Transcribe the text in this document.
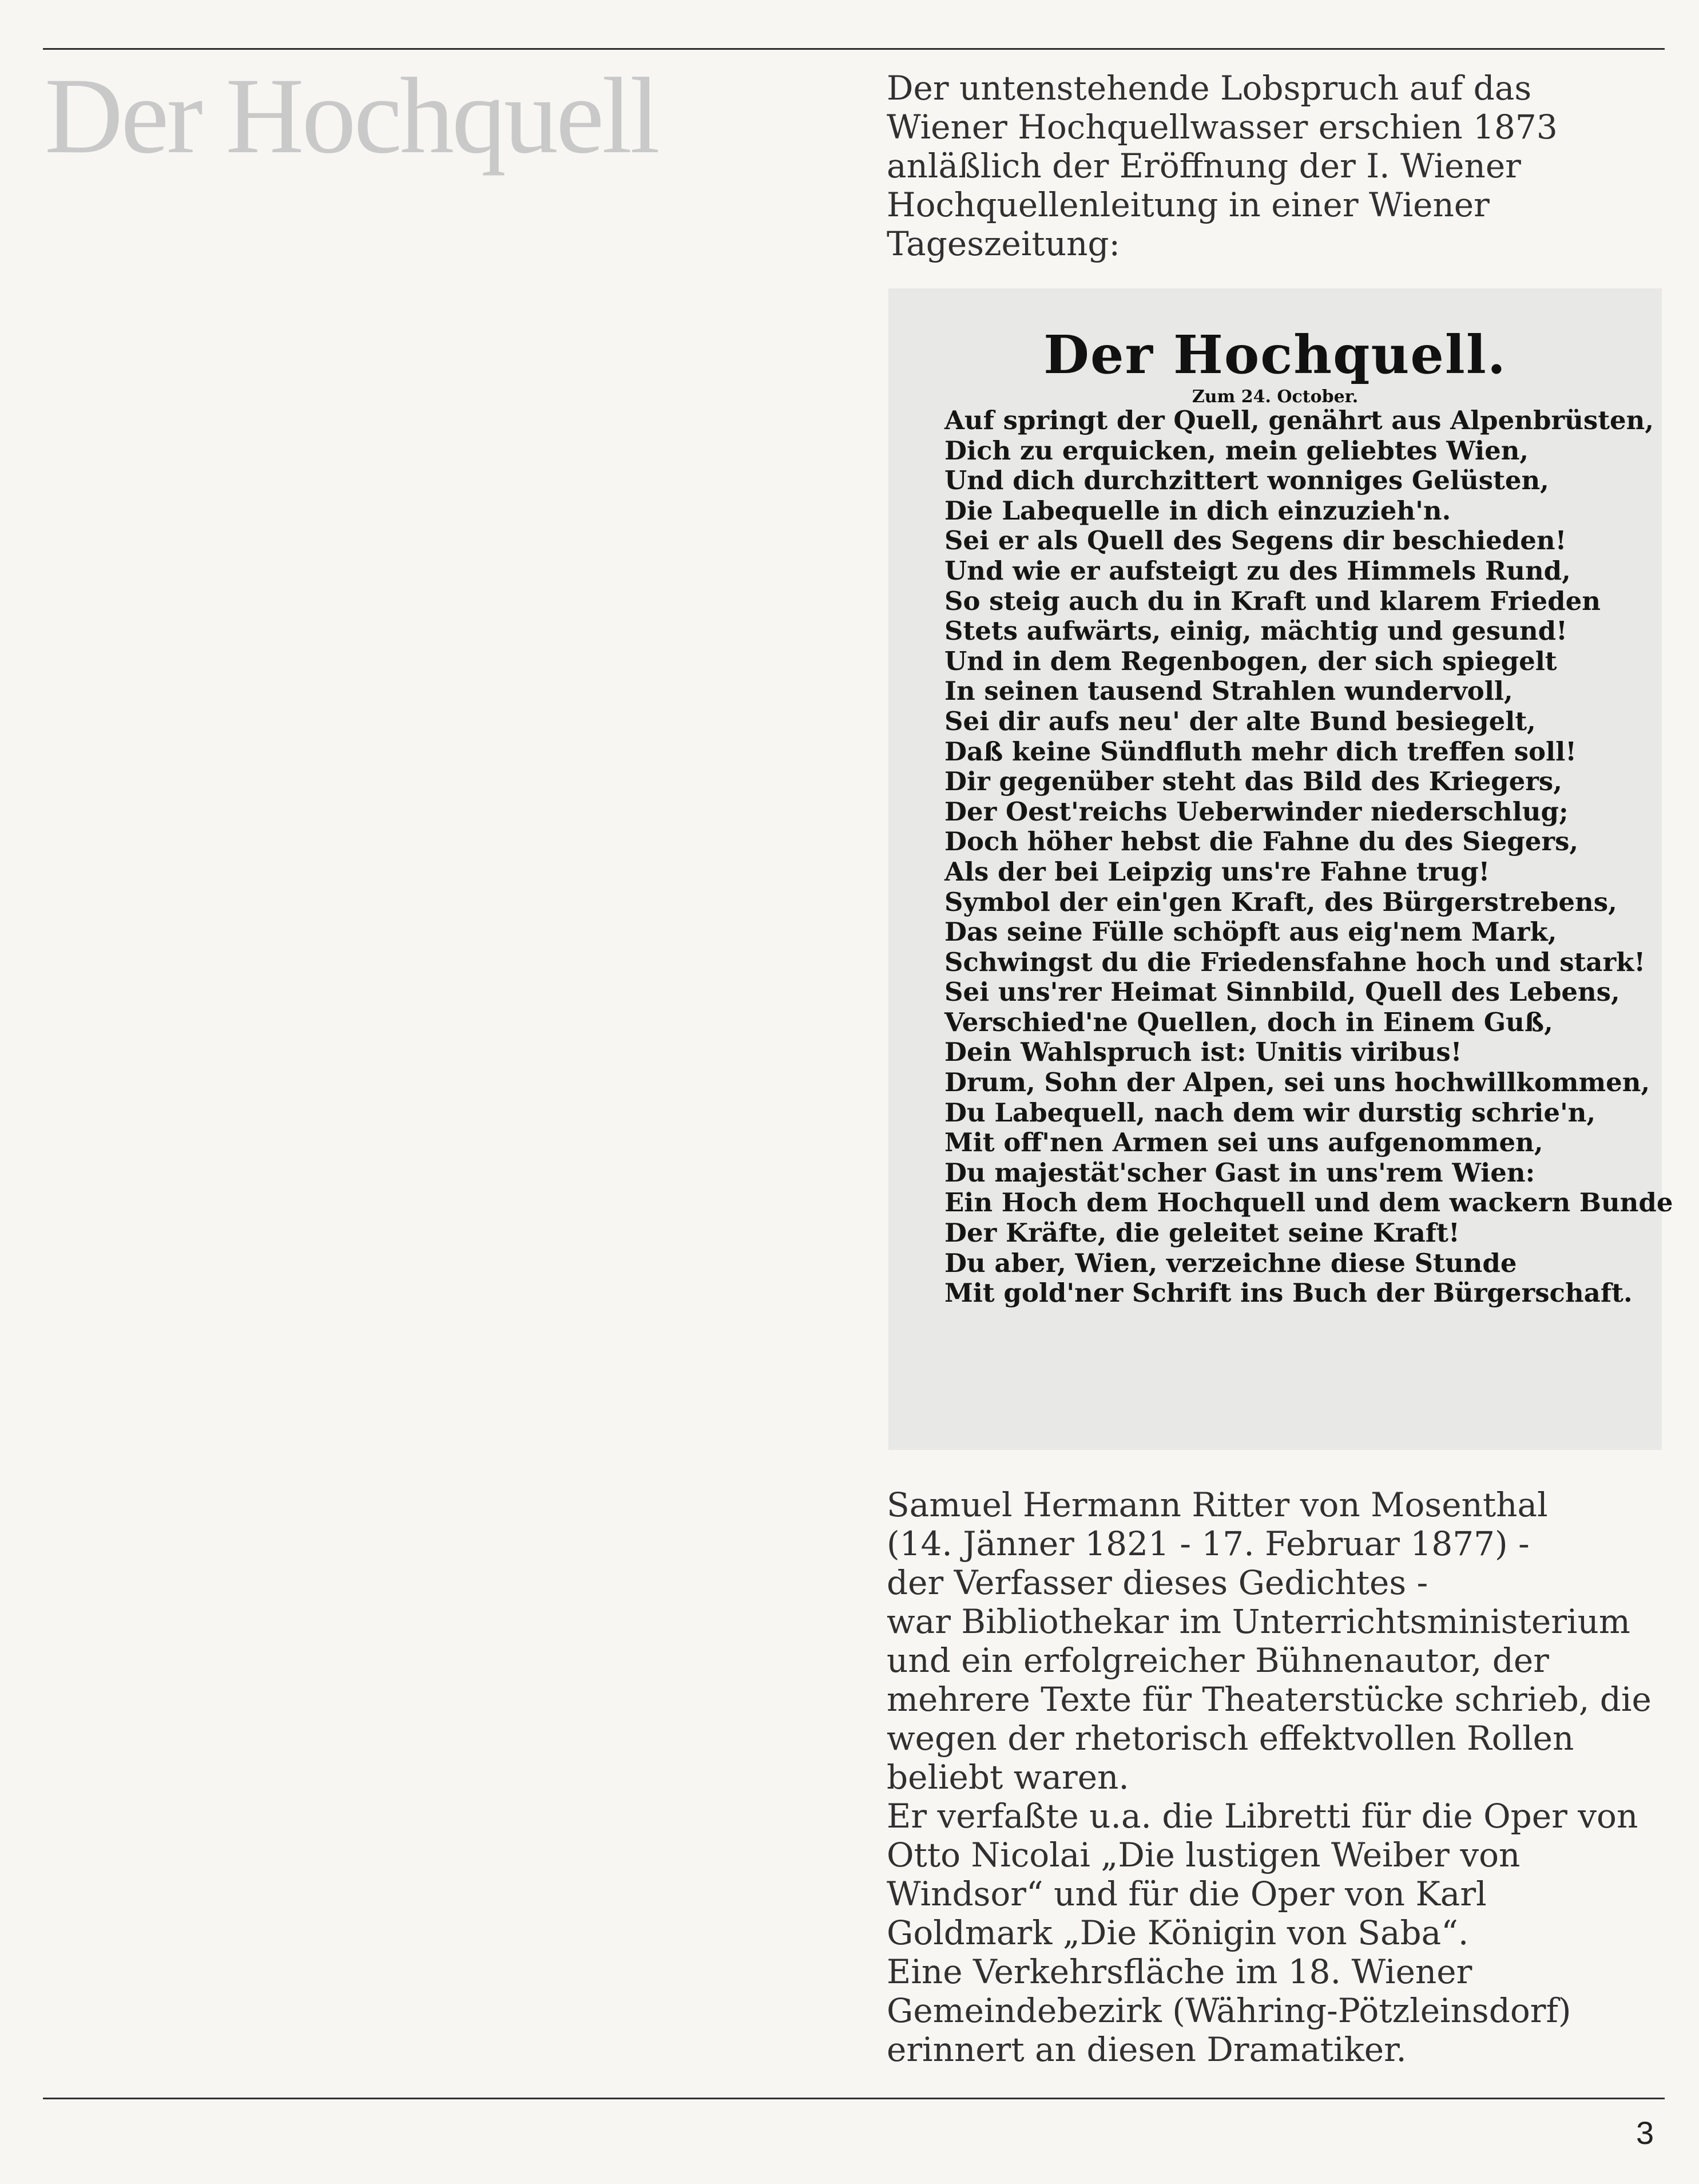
Der Hochquell	Der untenstehende Lobspruch auf das
Wiener Hochquellwasser erschien 1873
anläßlich der Eröffnung der I. Wiener
Hochquellenleitung in einer Wiener
Tageszeitung:
Der Hochquell.
Zum 24. October.
Auf springt der Quell, genährt aus Alpenbrüsten,
Dich zu erquicken, mein geliebtes Wien,
Und dich durchzittert wonniges Gelüsten,
Die Labequelle in dich einzuzieh'n.
Sei er als Quell des Segens dir beschieden!
Und wie er aufsteigt zu des Himmels Rund,
So steig auch du in Kraft und klarem Frieden
Stets aufwärts, einig, mächtig und gesund!
Und in dem Regenbogen, der sich spiegelt
In seinen tausend Strahlen wundervoll,
Sei dir aufs neu' der alte Bund besiegelt,
Daß keine Sündfluth mehr dich treffen soll!
Dir gegenüber steht das Bild des Kriegers,
Der Oest'reichs Ueberwinder niederschlug;
Doch höher hebst die Fahne du des Siegers,
Als der bei Leipzig uns're Fahne trug!
Symbol der ein'gen Kraft, des Bürgerstrebens,
Das seine Fülle schöpft aus eig'nem Mark,
Schwingst du die Friedensfahne hoch und stark!
Sei uns'rer Heimat Sinnbild, Quell des Lebens,
Verschied'ne Quellen, doch in Einem Guß,
Dein Wahlspruch ist: Unitis viribus!
Drum, Sohn der Alpen, sei uns hochwillkommen,
Du Labequell, nach dem wir durstig schrie'n,
Mit off'nen Armen sei uns aufgenommen,
Du majestät'scher Gast in uns'rem Wien:
Ein Hoch dem Hochquell und dem wackern Bunde
Der Kräfte, die geleitet seine Kraft!
Du aber, Wien, verzeichne diese Stunde
Mit gold'ner Schrift ins Buch der Bürgerschaft.
Samuel Hermann Ritter von Mosenthal
(14. Jänner 1821 - 17. Februar 1877) -
der Verfasser dieses Gedichtes -
war Bibliothekar im Unterrichtsministerium
und ein erfolgreicher Bühnenautor, der
mehrere Texte für Theaterstücke schrieb, die
wegen der rhetorisch effektvollen Rollen
beliebt waren.
Er verfaßte u.a. die Libretti für die Oper von
Otto Nicolai „Die lustigen Weiber von
Windsor“ und für die Oper von Karl
Goldmark „Die Königin von Saba“.
Eine Verkehrsfläche im 18. Wiener
Gemeindebezirk (Währing-Pötzleinsdorf)
erinnert an diesen Dramatiker.
3
